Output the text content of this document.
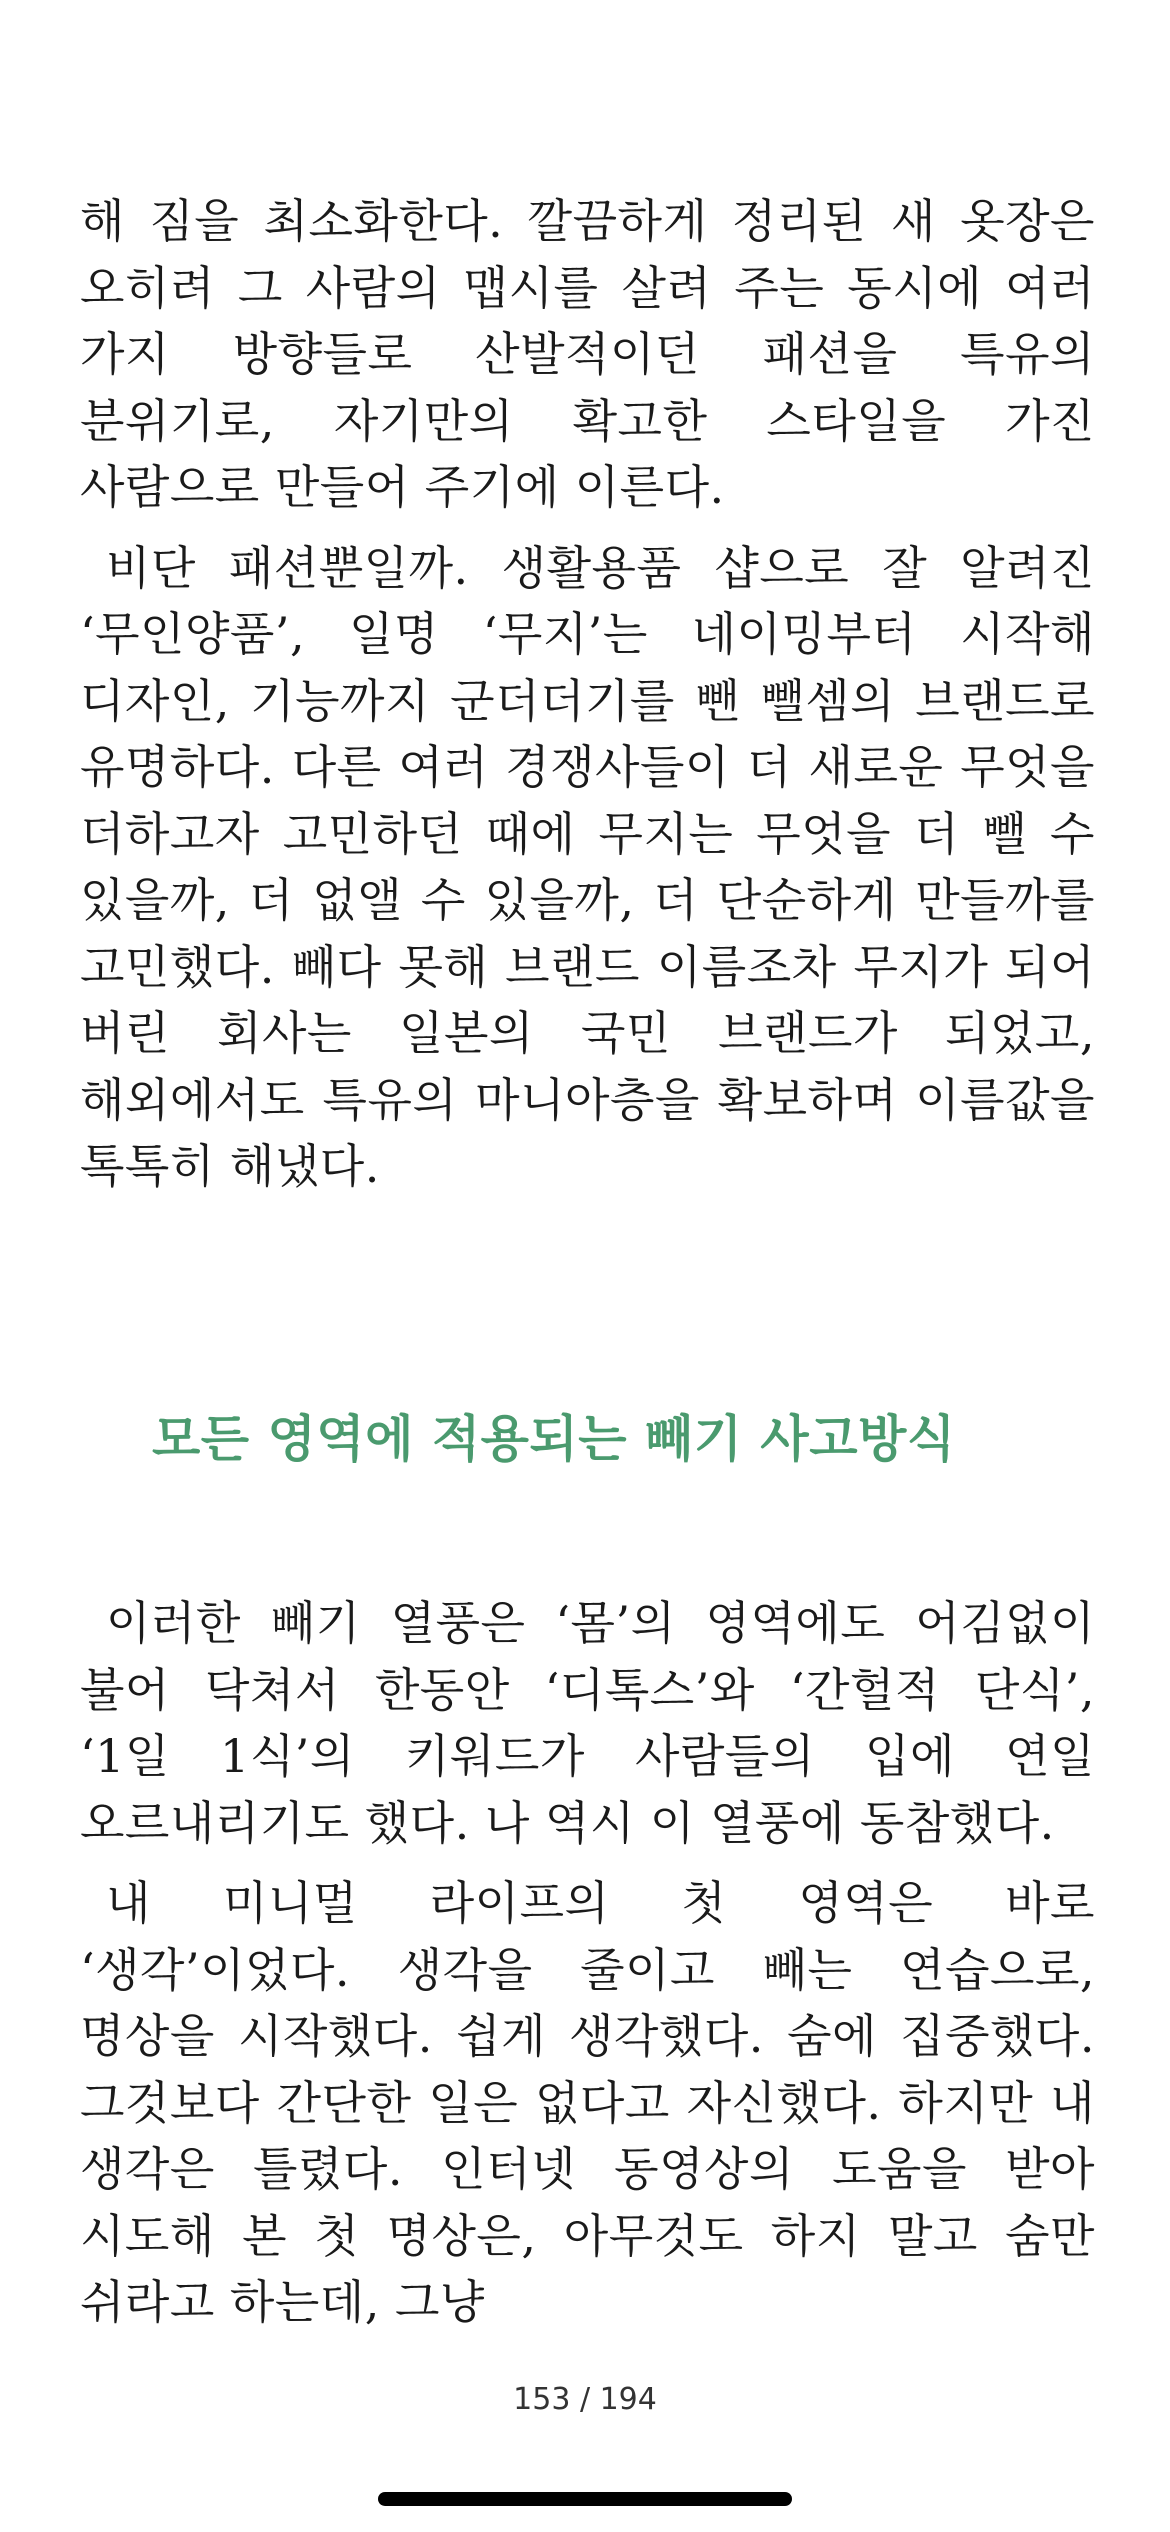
해 짐을 최소화한다. 깔끔하게 정리된 새 옷장은 오히려 그 사람의 맵시를 살려 주는 동시에 여러 가지 방향들로 산발적이던 패션을 특유의 분위기로, 자기만의 확고한 스타일을 가진 사람으로 만들어 주기에 이른다.

비단 패션뿐일까. 생활용품 샵으로 잘 알려진 ‘무인양품’, 일명 ‘무지’는 네이밍부터 시작해 디자인, 기능까지 군더더기를 뺀 뺄셈의 브랜드로 유명하다. 다른 여러 경쟁사들이 더 새로운 무엇을 더하고자 고민하던 때에 무지는 무엇을 더 뺄 수 있을까, 더 없앨 수 있을까, 더 단순하게 만들까를 고민했다. 빼다 못해 브랜드 이름조차 무지가 되어 버린 회사는 일본의 국민 브랜드가 되었고, 해외에서도 특유의 마니아층을 확보하며 이름값을 톡톡히 해냈다.

모든 영역에 적용되는 빼기 사고방식

이러한 빼기 열풍은 ‘몸’의 영역에도 어김없이 불어 닥쳐서 한동안 ‘디톡스’와 ‘간헐적 단식’, ‘1일 1식’의 키워드가 사람들의 입에 연일 오르내리기도 했다. 나 역시 이 열풍에 동참했다.

내 미니멀 라이프의 첫 영역은 바로 ‘생각’이었다. 생각을 줄이고 빼는 연습으로, 명상을 시작했다. 쉽게 생각했다. 숨에 집중했다. 그것보다 간단한 일은 없다고 자신했다. 하지만 내 생각은 틀렸다. 인터넷 동영상의 도움을 받아 시도해 본 첫 명상은, 아무것도 하지 말고 숨만 쉬라고 하는데, 그냥

153 / 194
